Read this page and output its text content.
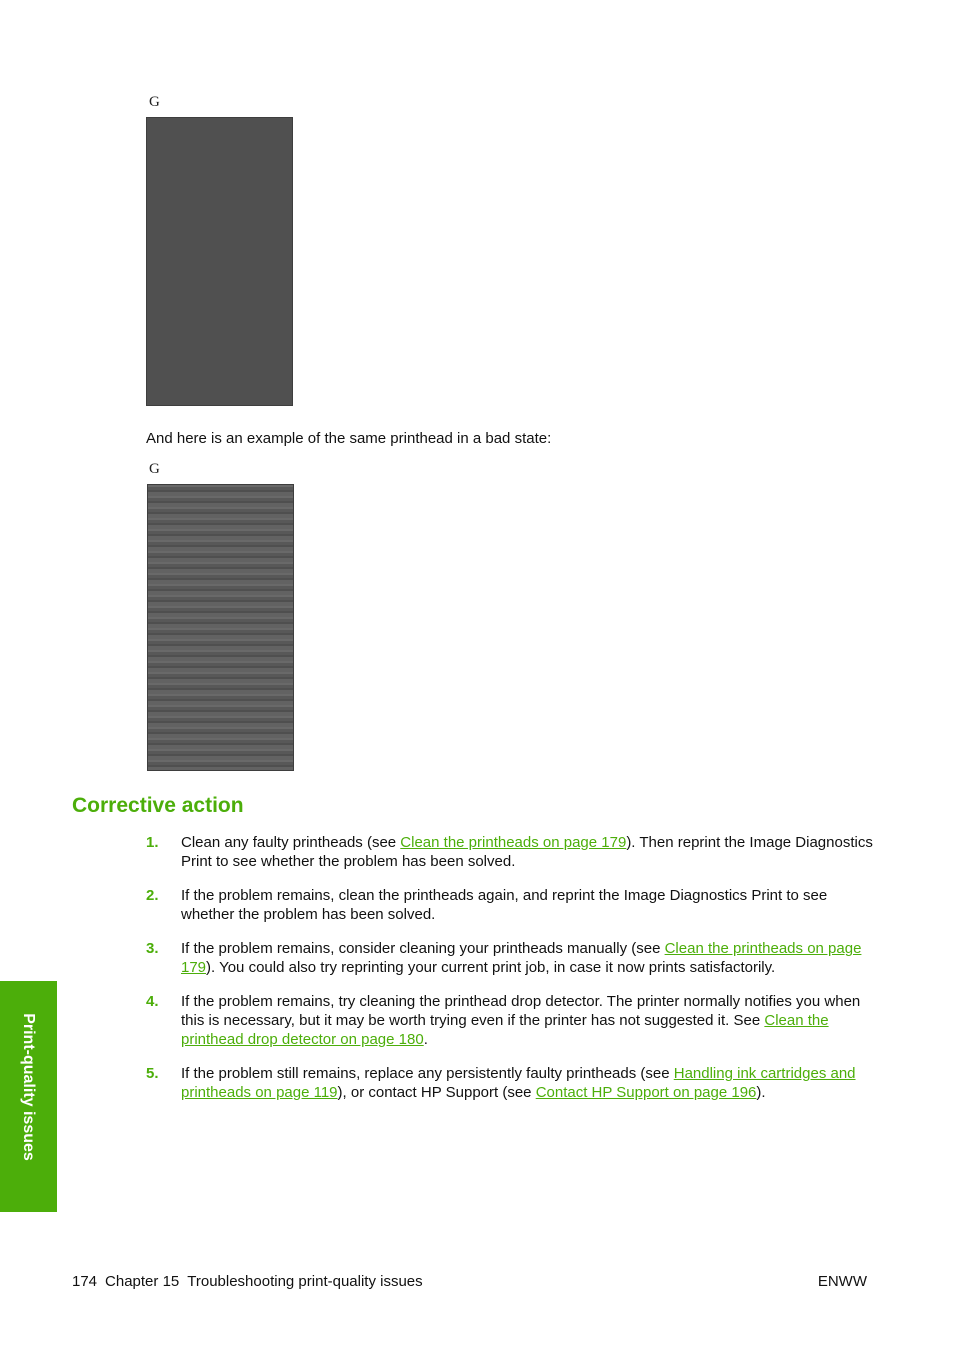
G
And here is an example of the same printhead in a bad state:
G
Corrective action
1. Clean any faulty printheads (see Clean the printheads on page 179). Then reprint the Image Diagnostics Print to see whether the problem has been solved.
2. If the problem remains, clean the printheads again, and reprint the Image Diagnostics Print to see whether the problem has been solved.
3. If the problem remains, consider cleaning your printheads manually (see Clean the printheads on page 179). You could also try reprinting your current print job, in case it now prints satisfactorily.
4. If the problem remains, try cleaning the printhead drop detector. The printer normally notifies you when this is necessary, but it may be worth trying even if the printer has not suggested it. See Clean the printhead drop detector on page 180.
5. If the problem still remains, replace any persistently faulty printheads (see Handling ink cartridges and printheads on page 119), or contact HP Support (see Contact HP Support on page 196).
Print-quality issues
174 Chapter 15 Troubleshooting print-quality issues	ENWW
